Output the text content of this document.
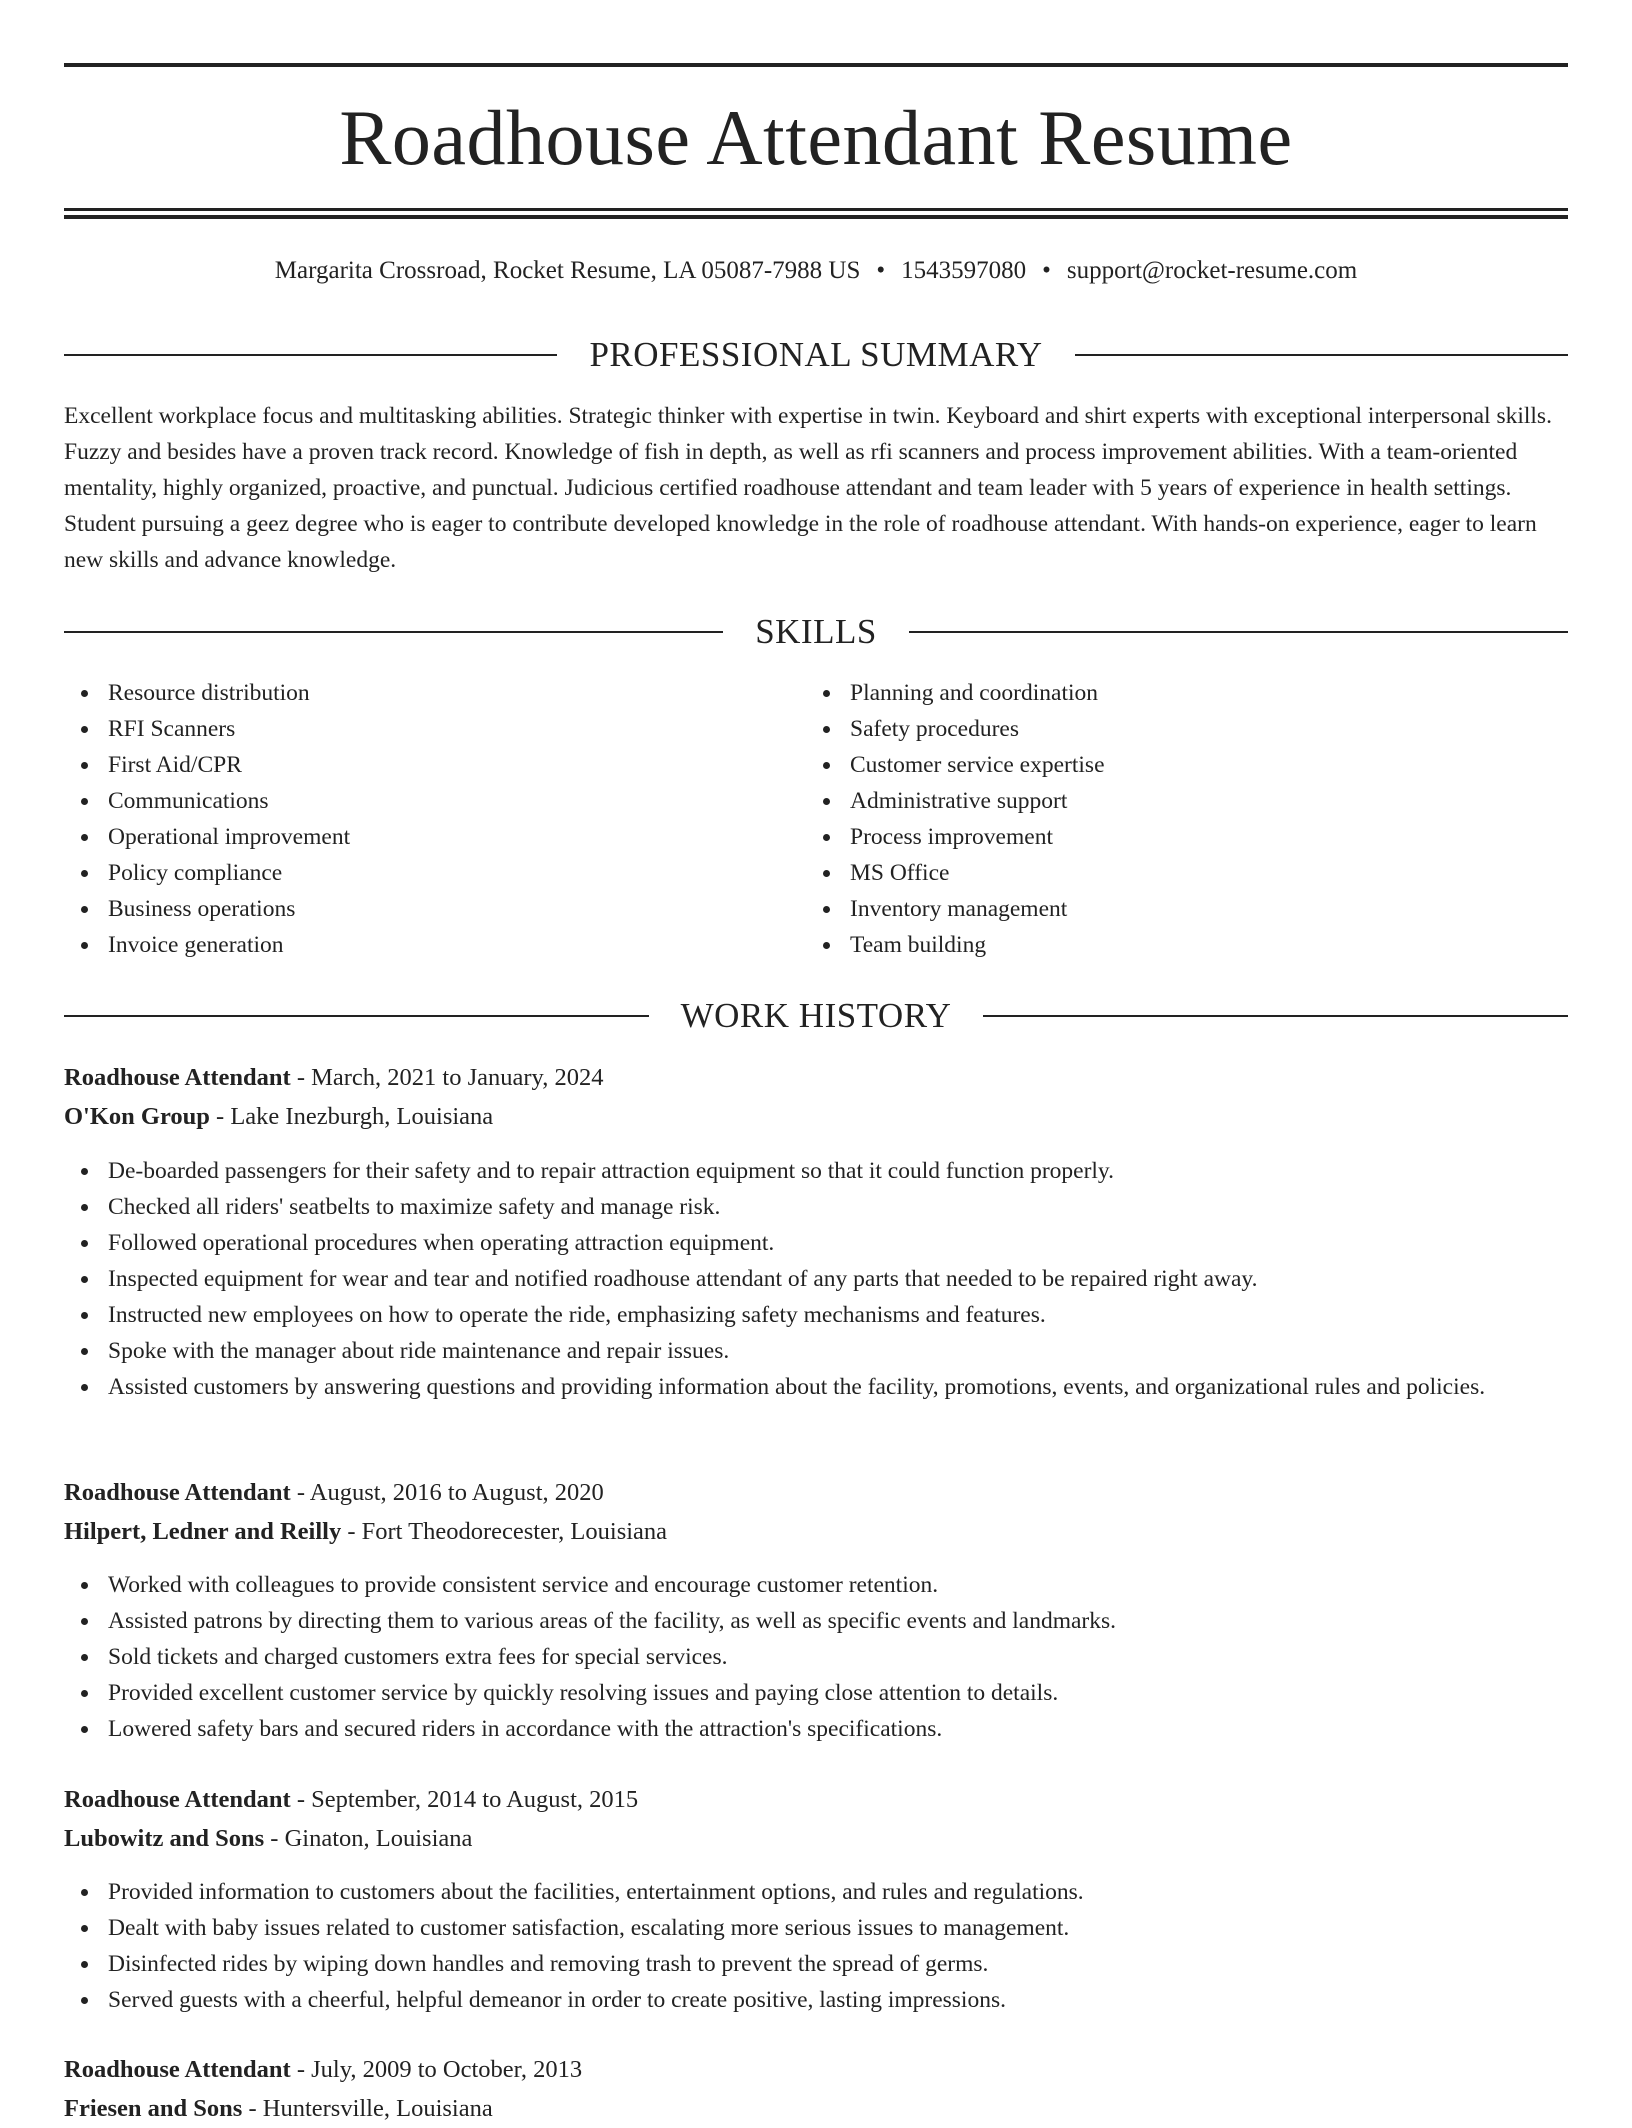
Roadhouse Attendant Resume
Margarita Crossroad, Rocket Resume, LA 05087-7988 US • 1543597080 • support@rocket-resume.com
PROFESSIONAL SUMMARY

Excellent workplace focus and multitasking abilities. Strategic thinker with expertise in twin. Keyboard and shirt experts with exceptional interpersonal skills. Fuzzy and besides have a proven track record. Knowledge of fish in depth, as well as rfi scanners and process improvement abilities. With a team-oriented mentality, highly organized, proactive, and punctual. Judicious certified roadhouse attendant and team leader with 5 years of experience in health settings. Student pursuing a geez degree who is eager to contribute developed knowledge in the role of roadhouse attendant. With hands-on experience, eager to learn new skills and advance knowledge.

SKILLS
Resource distribution
RFI Scanners
First Aid/CPR
Communications
Operational improvement
Policy compliance
Business operations
Invoice generation
Planning and coordination
Safety procedures
Customer service expertise
Administrative support
Process improvement
MS Office
Inventory management
Team building
WORK HISTORY
Roadhouse Attendant - March, 2021 to January, 2024
O'Kon Group - Lake Inezburgh, Louisiana
De-boarded passengers for their safety and to repair attraction equipment so that it could function properly.
Checked all riders' seatbelts to maximize safety and manage risk.
Followed operational procedures when operating attraction equipment.
Inspected equipment for wear and tear and notified roadhouse attendant of any parts that needed to be repaired right away.
Instructed new employees on how to operate the ride, emphasizing safety mechanisms and features.
Spoke with the manager about ride maintenance and repair issues.
Assisted customers by answering questions and providing information about the facility, promotions, events, and organizational rules and policies.
Roadhouse Attendant - August, 2016 to August, 2020
Hilpert, Ledner and Reilly - Fort Theodorecester, Louisiana
Worked with colleagues to provide consistent service and encourage customer retention.
Assisted patrons by directing them to various areas of the facility, as well as specific events and landmarks.
Sold tickets and charged customers extra fees for special services.
Provided excellent customer service by quickly resolving issues and paying close attention to details.
Lowered safety bars and secured riders in accordance with the attraction's specifications.
Roadhouse Attendant - September, 2014 to August, 2015
Lubowitz and Sons - Ginaton, Louisiana
Provided information to customers about the facilities, entertainment options, and rules and regulations.
Dealt with baby issues related to customer satisfaction, escalating more serious issues to management.
Disinfected rides by wiping down handles and removing trash to prevent the spread of germs.
Served guests with a cheerful, helpful demeanor in order to create positive, lasting impressions.
Roadhouse Attendant - July, 2009 to October, 2013
Friesen and Sons - Huntersville, Louisiana
